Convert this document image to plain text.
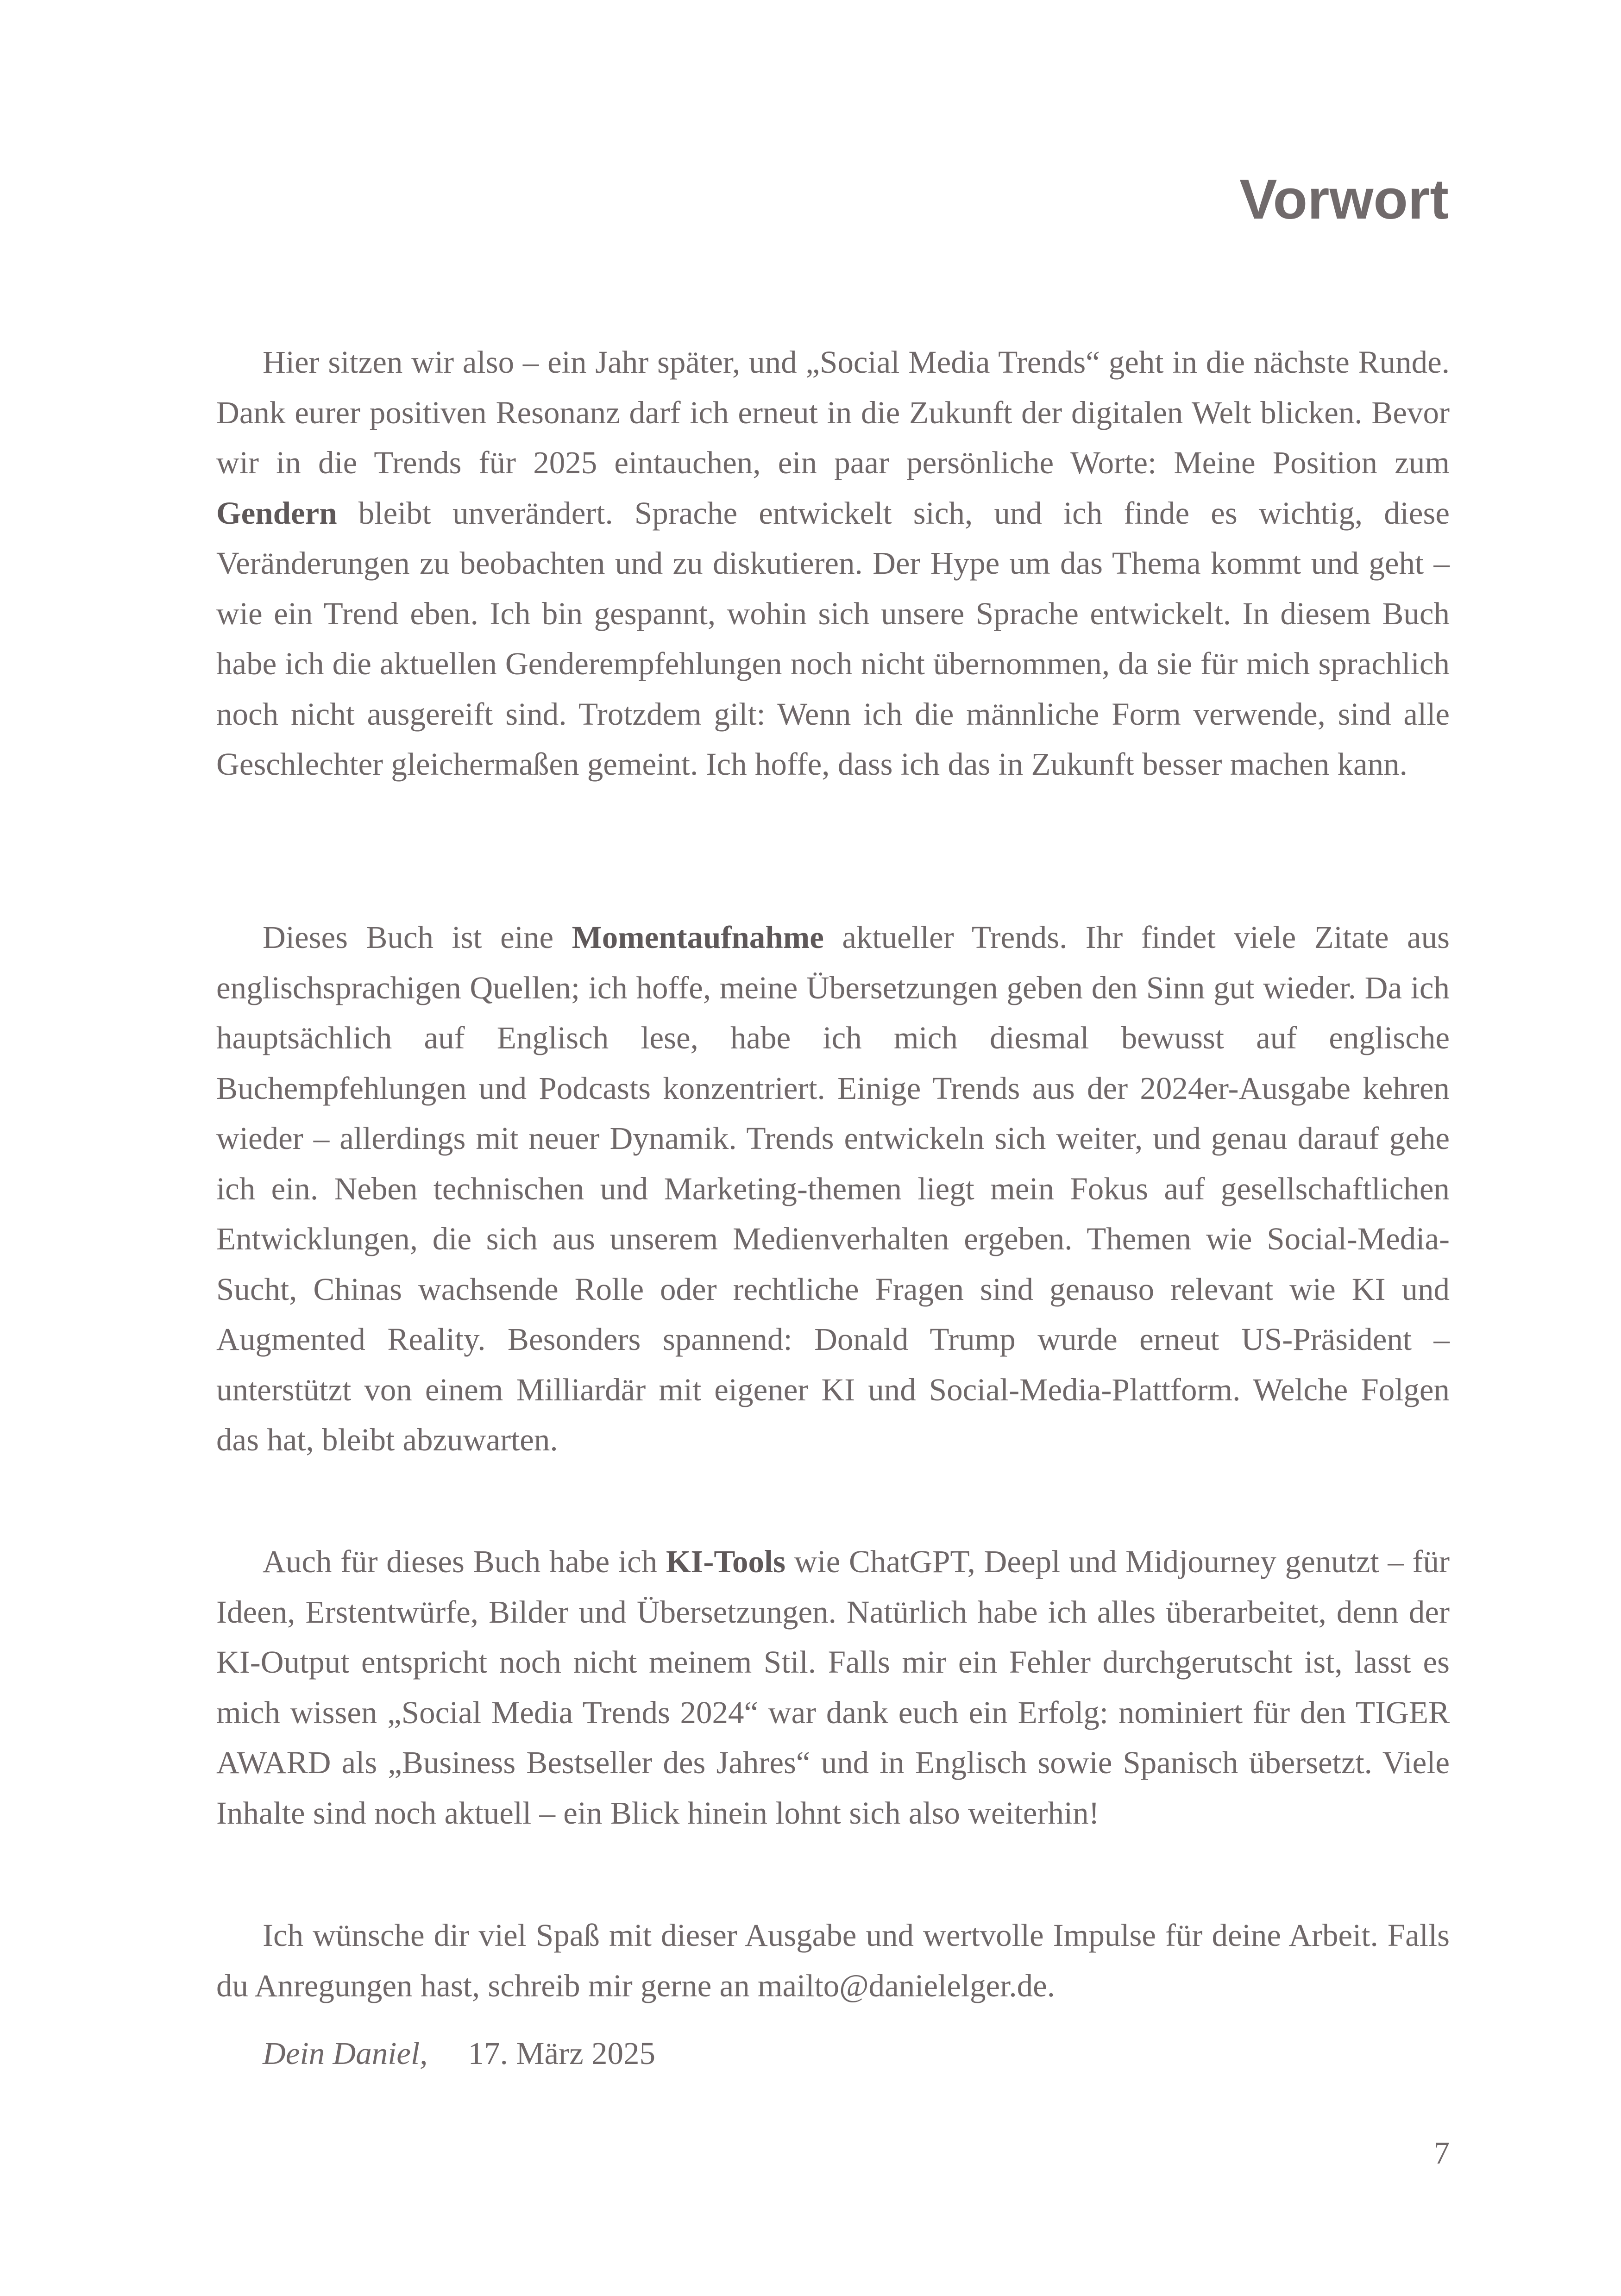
Vorwort

Hier sitzen wir also – ein Jahr später, und „Social Media Trends“ geht in die nächste Runde. Dank eurer positiven Resonanz darf ich erneut in die Zukunft der digitalen Welt blicken. Bevor wir in die Trends für 2025 eintauchen, ein paar persönliche Worte: Meine Position zum Gendern bleibt unverändert. Sprache entwickelt sich, und ich finde es wichtig, diese Veränderungen zu beobachten und zu diskutieren. Der Hype um das Thema kommt und geht – wie ein Trend eben. Ich bin gespannt, wohin sich unsere Sprache entwickelt. In diesem Buch habe ich die aktuellen Genderempfehlungen noch nicht übernommen, da sie für mich sprachlich noch nicht ausgereift sind. Trotzdem gilt: Wenn ich die männliche Form verwende, sind alle Geschlechter gleichermaßen gemeint. Ich hoffe, dass ich das in Zukunft besser machen kann.

Dieses Buch ist eine Momentaufnahme aktueller Trends. Ihr findet viele Zitate aus englischsprachigen Quellen; ich hoffe, meine Übersetzungen geben den Sinn gut wieder. Da ich hauptsächlich auf Englisch lese, habe ich mich diesmal bewusst auf englische Buchempfehlungen und Podcasts konzentriert. Einige Trends aus der 2024er-Ausgabe kehren wieder – allerdings mit neuer Dynamik. Trends entwickeln sich weiter, und genau darauf gehe ich ein. Neben technischen und Marketing-themen liegt mein Fokus auf gesellschaftlichen Entwicklungen, die sich aus unserem Medienverhalten ergeben. Themen wie Social-Media-Sucht, Chinas wachsende Rolle oder rechtliche Fragen sind genauso relevant wie KI und Augmented Reality. Besonders spannend: Donald Trump wurde erneut US-Präsident – unterstützt von einem Milliardär mit eigener KI und Social-Media-Plattform. Welche Folgen das hat, bleibt abzuwarten.

Auch für dieses Buch habe ich KI-Tools wie ChatGPT, Deepl und Midjourney genutzt – für Ideen, Erstentwürfe, Bilder und Übersetzungen. Natürlich habe ich alles überarbeitet, denn der KI-Output entspricht noch nicht meinem Stil. Falls mir ein Fehler durchgerutscht ist, lasst es mich wissen „Social Media Trends 2024“ war dank euch ein Erfolg: nominiert für den TIGER AWARD als „Business Bestseller des Jahres“ und in Englisch sowie Spanisch übersetzt. Viele Inhalte sind noch aktuell – ein Blick hinein lohnt sich also weiterhin!

Ich wünsche dir viel Spaß mit dieser Ausgabe und wertvolle Impulse für deine Arbeit. Falls du Anregungen hast, schreib mir gerne an mailto@danielelger.de.

Dein Daniel, 17. März 2025
7
